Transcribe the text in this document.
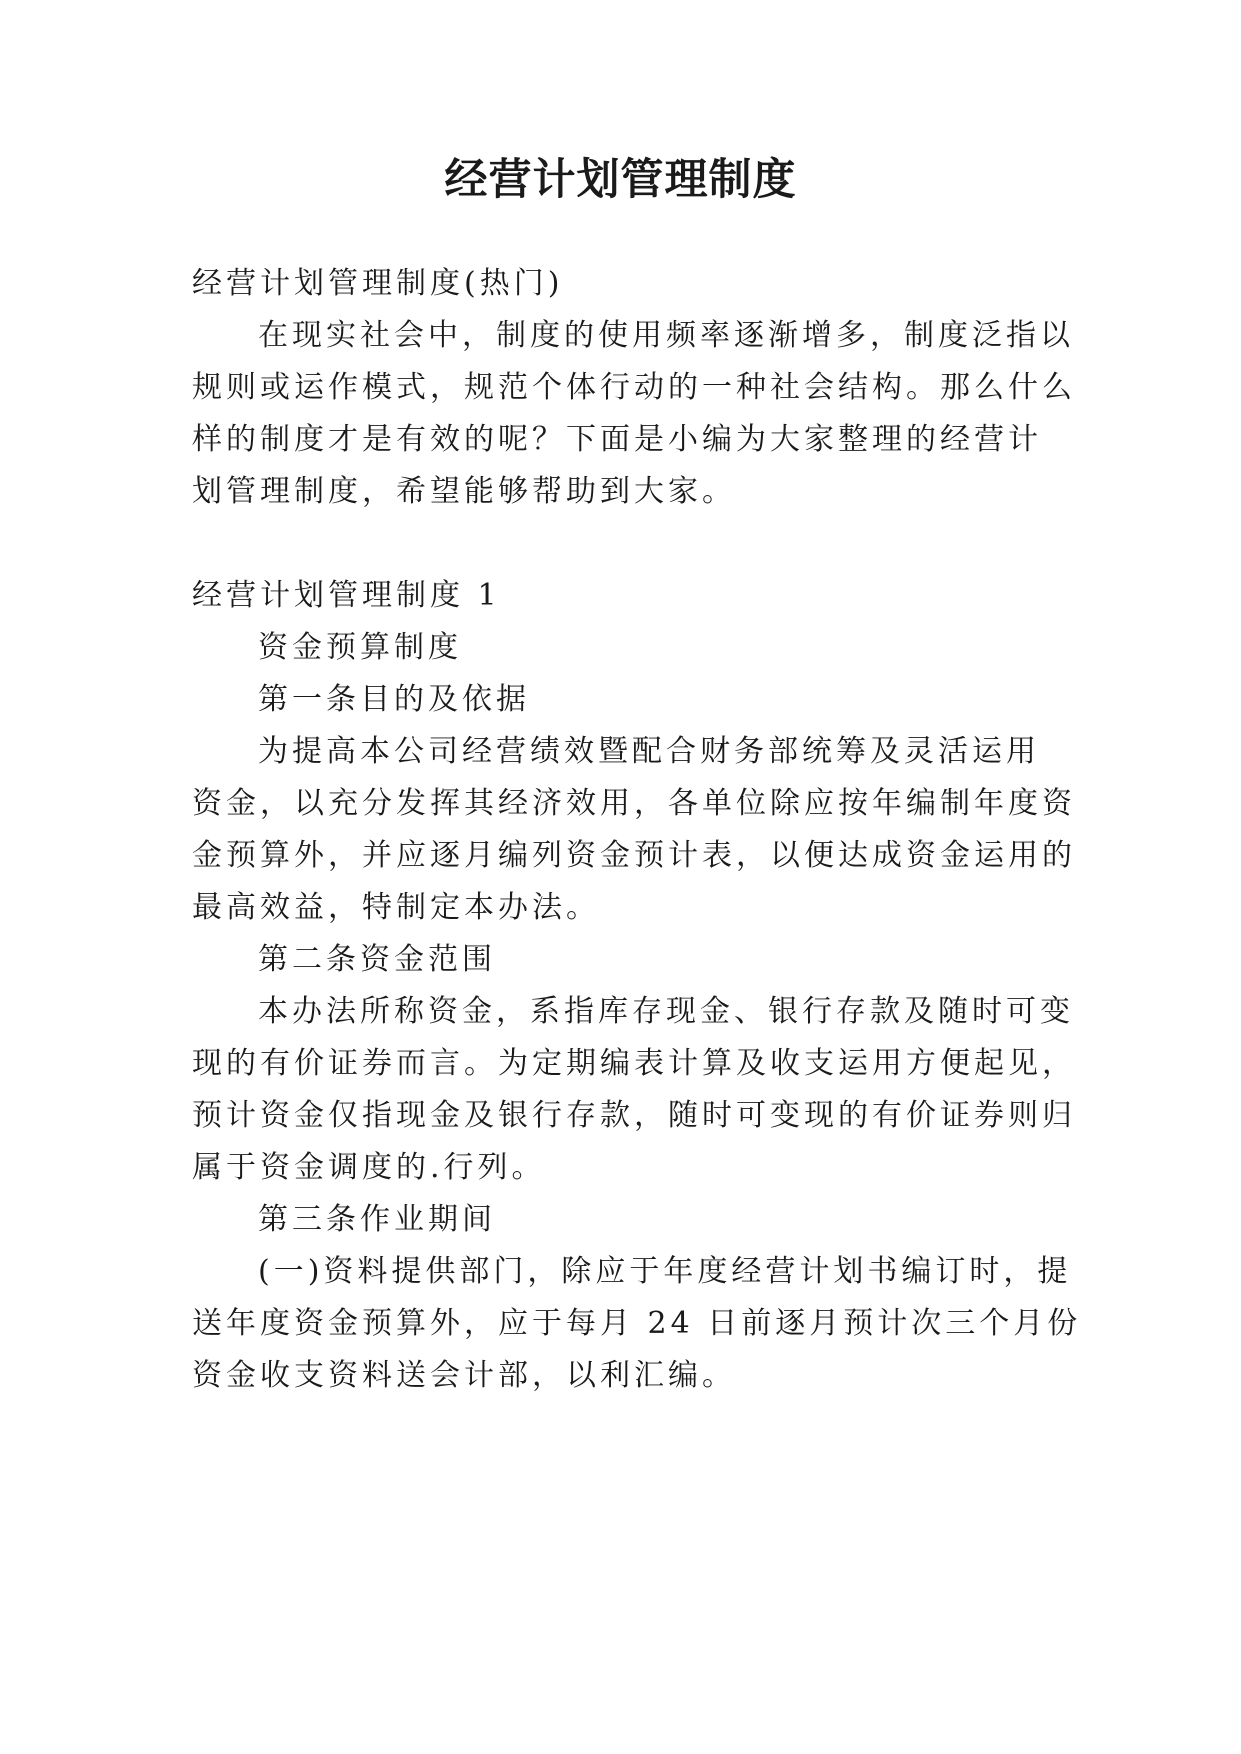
经营计划管理制度

经营计划管理制度(热门)

在现实社会中，制度的使用频率逐渐增多，制度泛指以

规则或运作模式，规范个体行动的一种社会结构。那么什么

样的制度才是有效的呢？下面是小编为大家整理的经营计

划管理制度，希望能够帮助到大家。

经营计划管理制度 1

资金预算制度

第一条目的及依据

为提高本公司经营绩效暨配合财务部统筹及灵活运用

资金，以充分发挥其经济效用，各单位除应按年编制年度资

金预算外，并应逐月编列资金预计表，以便达成资金运用的

最高效益，特制定本办法。

第二条资金范围

本办法所称资金，系指库存现金、银行存款及随时可变

现的有价证券而言。为定期编表计算及收支运用方便起见，

预计资金仅指现金及银行存款，随时可变现的有价证券则归

属于资金调度的.行列。

第三条作业期间

(一)资料提供部门，除应于年度经营计划书编订时，提

送年度资金预算外，应于每月 24 日前逐月预计次三个月份

资金收支资料送会计部，以利汇编。
